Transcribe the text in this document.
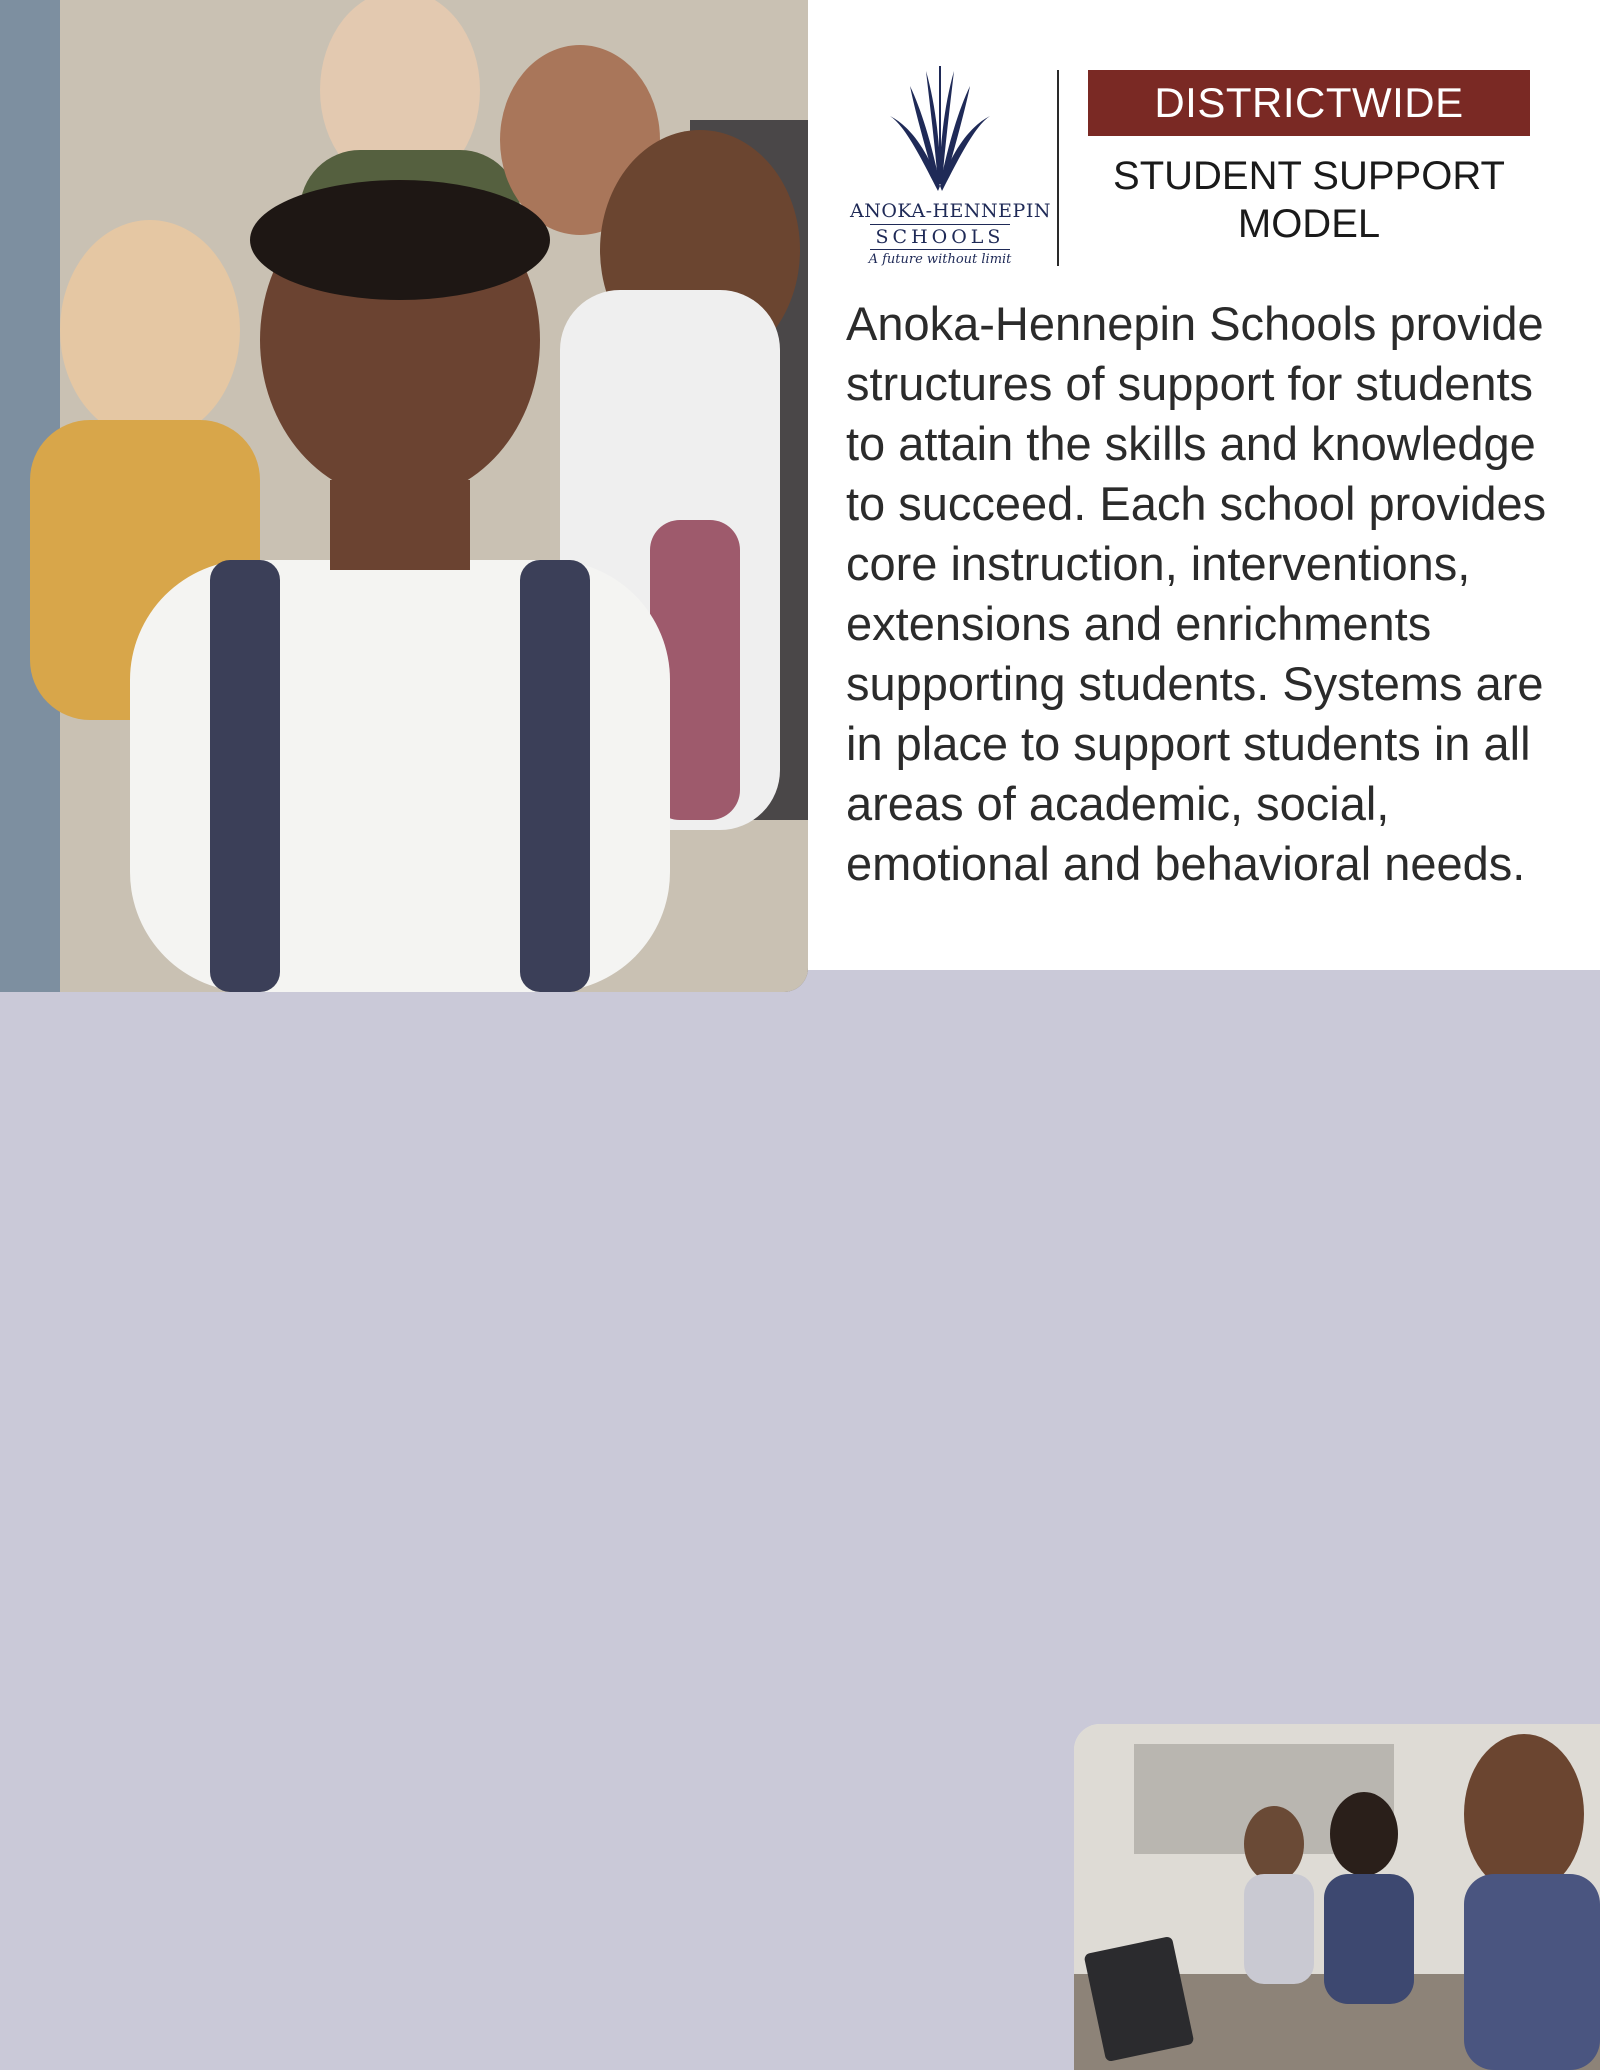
ANOKA-HENNEPIN
SCHOOLS
A future without limit
DISTRICTWIDE
STUDENT SUPPORT MODEL
Anoka-Hennepin Schools provide structures of support for students to attain the skills and knowledge to succeed. Each school provides core instruction, interventions, extensions and enrichments supporting students. Systems are in place to support students in all areas of academic, social, emotional and behavioral needs.
•
•
•
•
•
•
•
•
•
•
•
•
•
•
•
•
•
•
•
•
•
•
•
•
•
•
•
•
